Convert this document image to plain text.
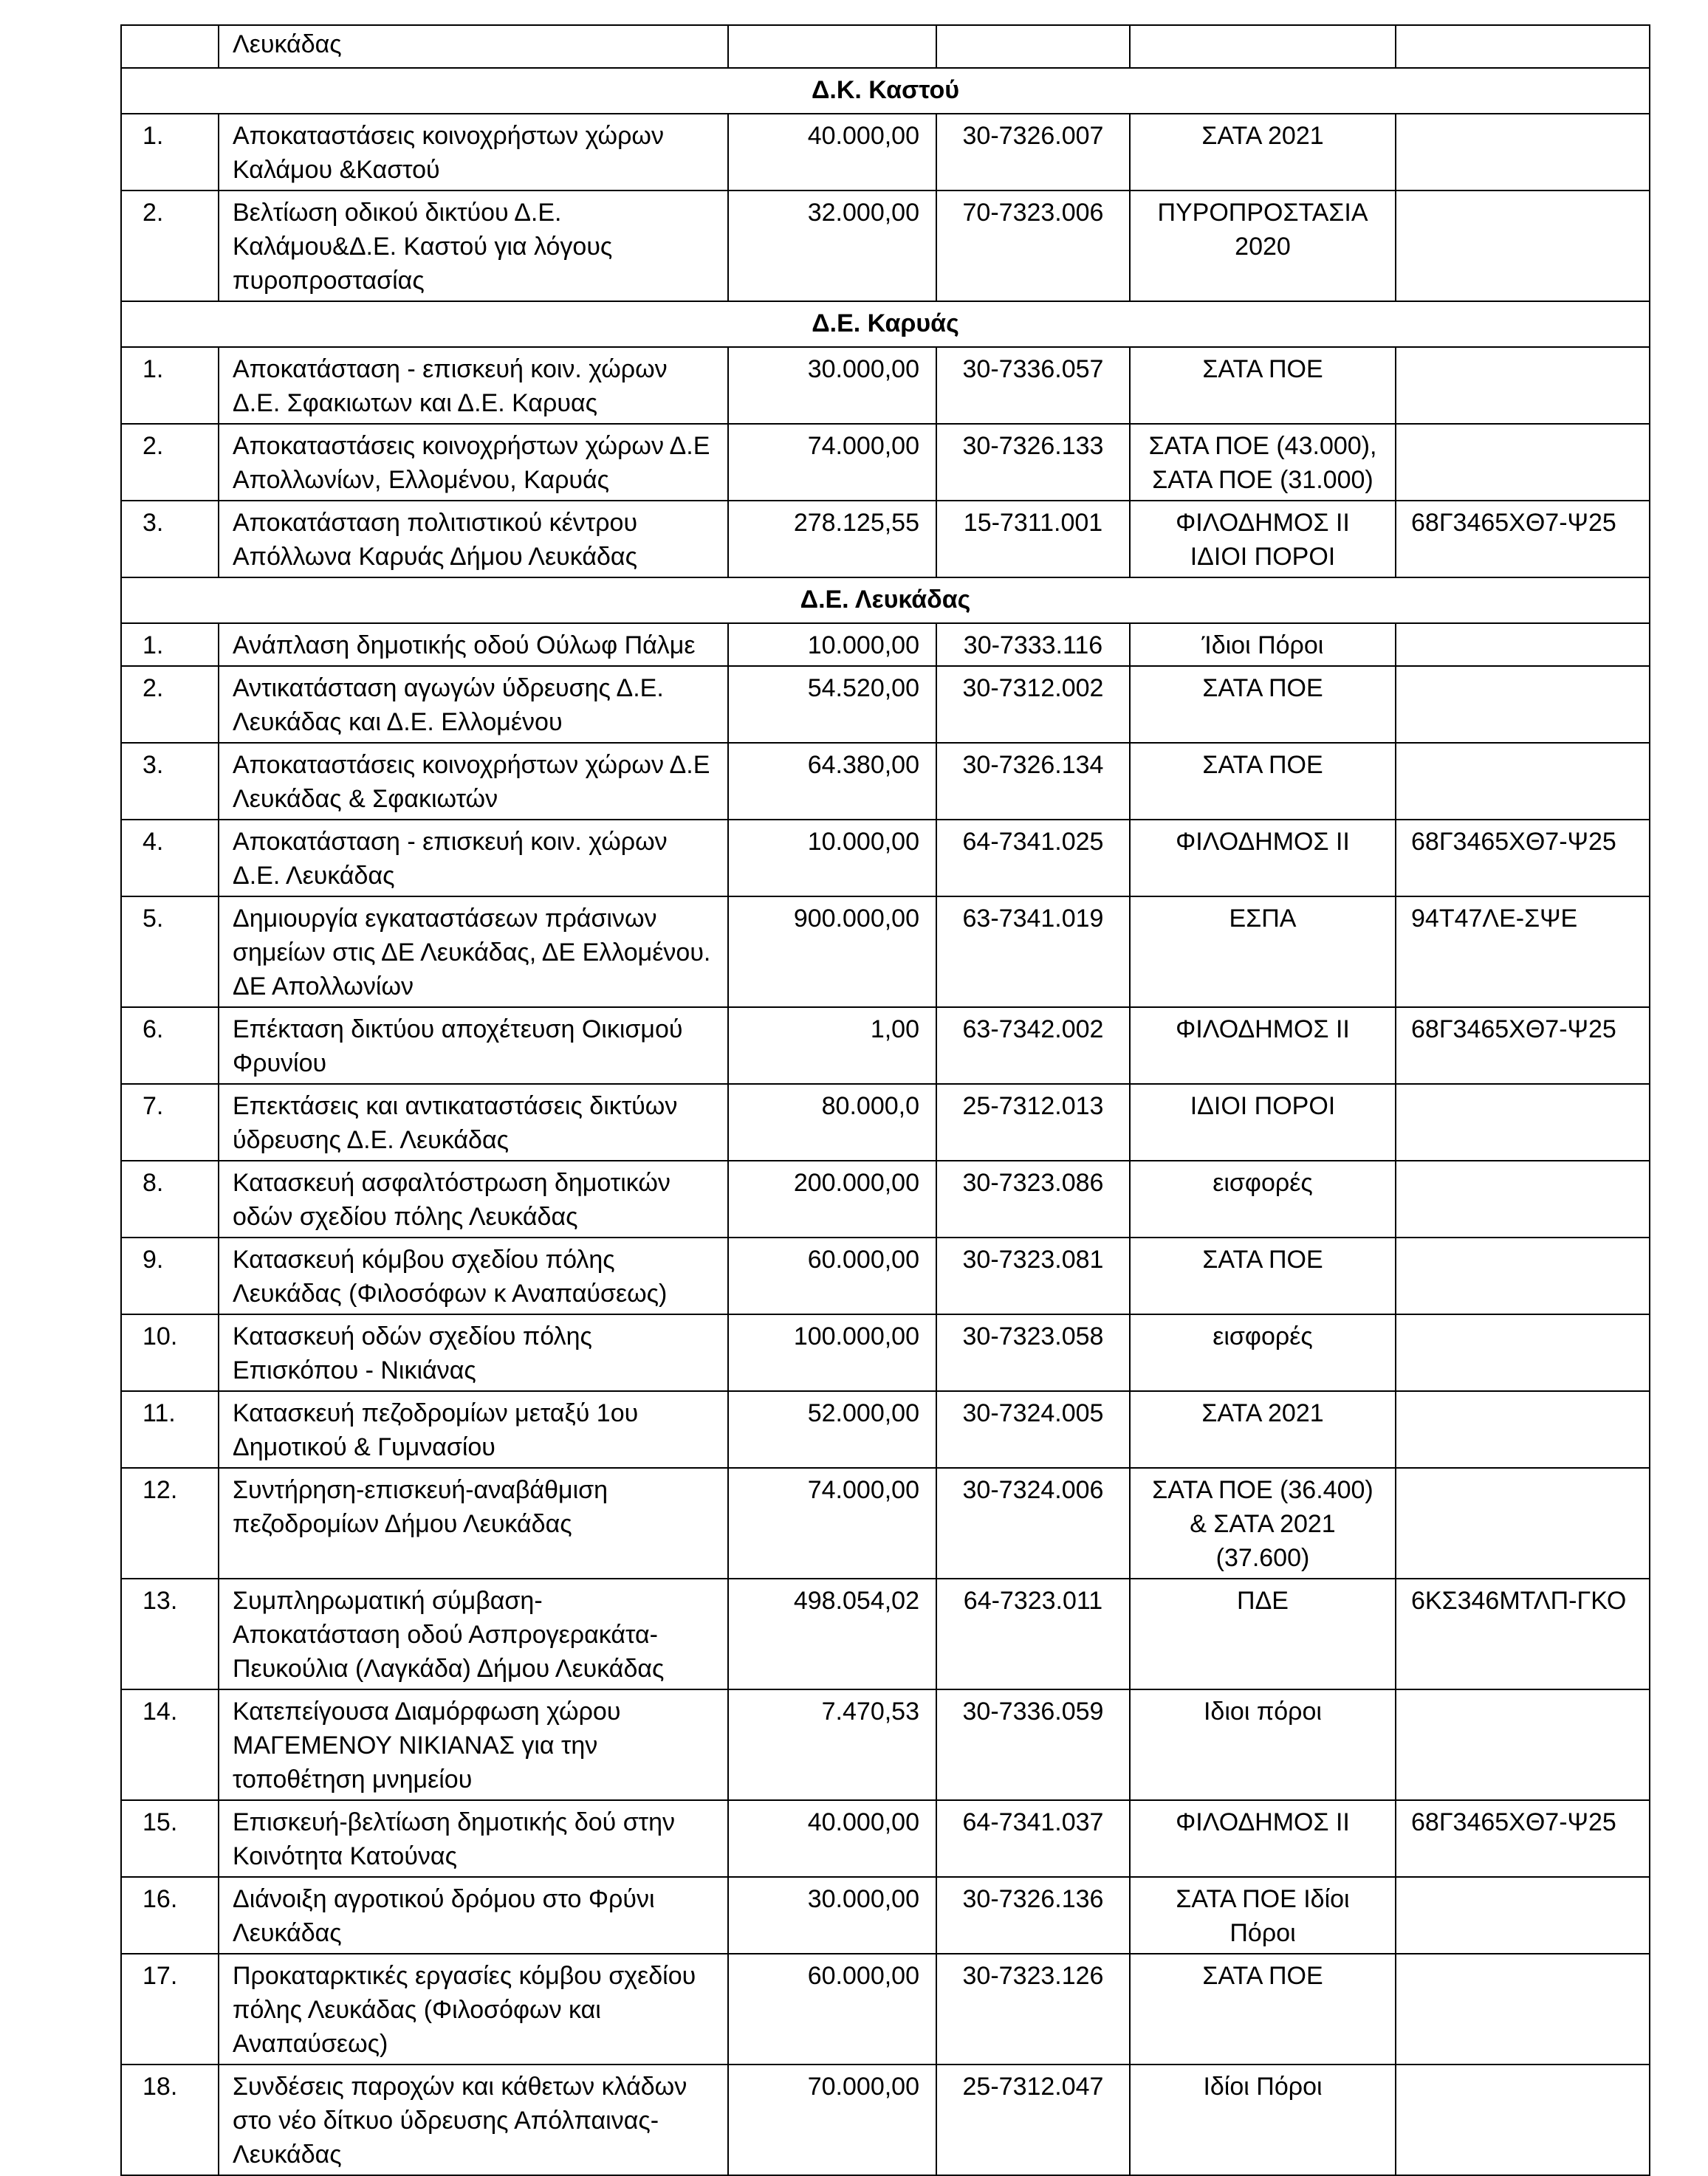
	Λευκάδας				
Δ.Κ. Καστού					
1.	Αποκαταστάσεις κοινοχρήστων χώρων Καλάμου &Καστού	40.000,00	30-7326.007	ΣΑΤΑ 2021	
2.	Βελτίωση οδικού δικτύου Δ.Ε. Καλάμου&Δ.Ε. Καστού για λόγους πυροπροστασίας	32.000,00	70-7323.006	ΠΥΡΟΠΡΟΣΤΑΣΙΑ 2020	
Δ.Ε. Καρυάς					
1.	Αποκατάσταση - επισκευή κοιν. χώρων Δ.Ε. Σφακιωτων και Δ.Ε. Καρυας	30.000,00	30-7336.057	ΣΑΤΑ ΠΟΕ	
2.	Αποκαταστάσεις κοινοχρήστων χώρων Δ.Ε Απολλωνίων, Ελλομένου, Καρυάς	74.000,00	30-7326.133	ΣΑΤΑ ΠΟΕ (43.000), ΣΑΤΑ ΠΟΕ (31.000)	
3.	Αποκατάσταση πολιτιστικού κέντρου Απόλλωνα Καρυάς Δήμου Λευκάδας	278.125,55	15-7311.001	ΦΙΛΟΔΗΜΟΣ ΙΙ ΙΔΙΟΙ ΠΟΡΟΙ	68Γ3465ΧΘ7-Ψ25
Δ.Ε. Λευκάδας					
1.	Ανάπλαση δημοτικής οδού Ούλωφ Πάλμε	10.000,00	30-7333.116	Ίδιοι Πόροι	
2.	Αντικατάσταση αγωγών ύδρευσης Δ.Ε. Λευκάδας και Δ.Ε. Ελλομένου	54.520,00	30-7312.002	ΣΑΤΑ ΠΟΕ	
3.	Αποκαταστάσεις κοινοχρήστων χώρων Δ.Ε Λευκάδας & Σφακιωτών	64.380,00	30-7326.134	ΣΑΤΑ ΠΟΕ	
4.	Αποκατάσταση - επισκευή κοιν. χώρων Δ.Ε. Λευκάδας	10.000,00	64-7341.025	ΦΙΛΟΔΗΜΟΣ ΙΙ	68Γ3465ΧΘ7-Ψ25
5.	Δημιουργία εγκαταστάσεων πράσινων σημείων στις ΔΕ Λευκάδας, ΔΕ Ελλομένου. ΔΕ Απολλωνίων	900.000,00	63-7341.019	ΕΣΠΑ	94Τ47ΛΕ-ΣΨΕ
6.	Επέκταση δικτύου αποχέτευση Οικισμού Φρυνίου	1,00	63-7342.002	ΦΙΛΟΔΗΜΟΣ ΙΙ	68Γ3465ΧΘ7-Ψ25
7.	Επεκτάσεις και αντικαταστάσεις δικτύων ύδρευσης Δ.Ε. Λευκάδας	80.000,0	25-7312.013	ΙΔΙΟΙ ΠΟΡΟΙ	
8.	Κατασκευή ασφαλτόστρωση δημοτικών οδών σχεδίου πόλης Λευκάδας	200.000,00	30-7323.086	εισφορές	
9.	Κατασκευή κόμβου σχεδίου πόλης Λευκάδας (Φιλοσόφων κ Αναπαύσεως)	60.000,00	30-7323.081	ΣΑΤΑ ΠΟΕ	
10.	Κατασκευή οδών σχεδίου πόλης Επισκόπου - Νικιάνας	100.000,00	30-7323.058	εισφορές	
11.	Κατασκευή πεζοδρομίων μεταξύ 1ου Δημοτικού & Γυμνασίου	52.000,00	30-7324.005	ΣΑΤΑ 2021	
12.	Συντήρηση-επισκευή-αναβάθμιση πεζοδρομίων Δήμου Λευκάδας	74.000,00	30-7324.006	ΣΑΤΑ ΠΟΕ (36.400) & ΣΑΤΑ 2021 (37.600)	
13.	Συμπληρωματική σύμβαση- Αποκατάσταση οδού Ασπρογερακάτα- Πευκούλια (Λαγκάδα) Δήμου Λευκάδας	498.054,02	64-7323.011	ΠΔΕ	6ΚΣ346ΜΤΛΠ-ΓΚΟ
14.	Κατεπείγουσα Διαμόρφωση χώρου ΜΑΓΕΜΕΝΟΥ ΝΙΚΙΑΝΑΣ για την τοποθέτηση μνημείου	7.470,53	30-7336.059	Ιδιοι πόροι	
15.	Επισκευή-βελτίωση δημοτικής δού στην Κοινότητα Κατούνας	40.000,00	64-7341.037	ΦΙΛΟΔΗΜΟΣ ΙΙ	68Γ3465ΧΘ7-Ψ25
16.	Διάνοιξη αγροτικού δρόμου στο Φρύνι Λευκάδας	30.000,00	30-7326.136	ΣΑΤΑ ΠΟΕ Ιδίοι Πόροι	
17.	Προκαταρκτικές εργασίες κόμβου σχεδίου πόλης Λευκάδας (Φιλοσόφων και Αναπαύσεως)	60.000,00	30-7323.126	ΣΑΤΑ ΠΟΕ	
18.	Συνδέσεις παροχών και κάθετων κλάδων στο νέο δίτκυο ύδρευσης Απόλπαινας- Λευκάδας	70.000,00	25-7312.047	Ιδίοι Πόροι	
